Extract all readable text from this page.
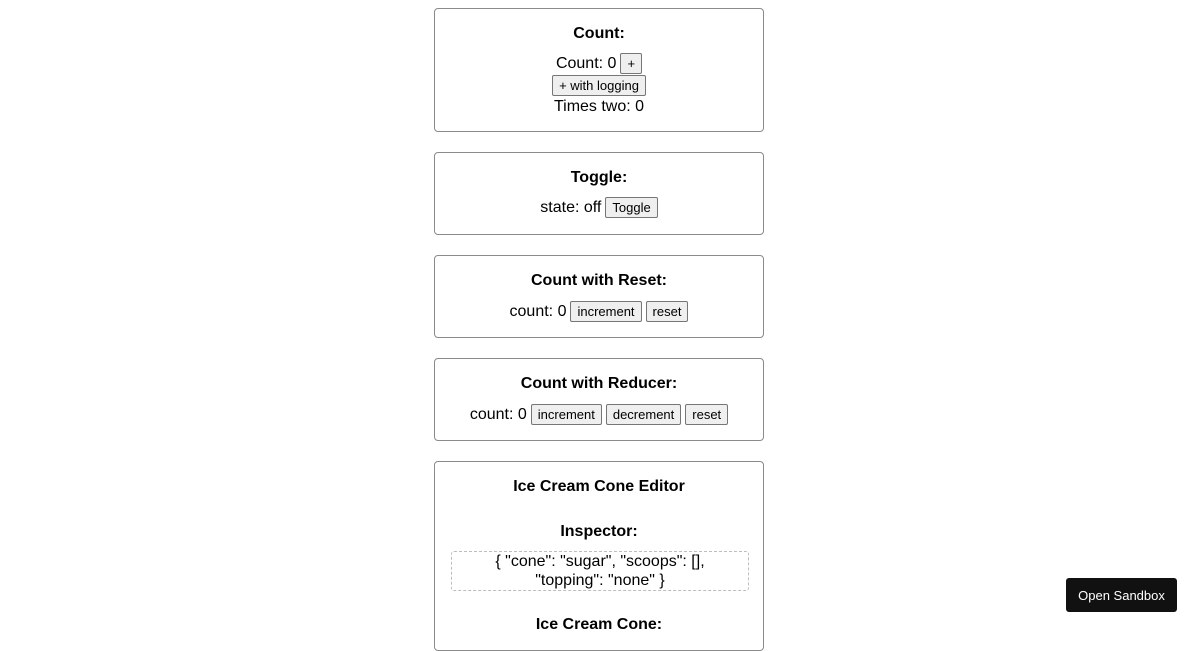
Count:
Count: 0 +
+ with logging
Times two: 0
Toggle:
state: off Toggle
Count with Reset:
count: 0 increment	reset
Count with Reducer:
count: 0 increment	decrement	reset
Ice Cream Cone Editor
Inspector:
{ "cone": "sugar", "scoops": [], "topping": "none" }
Ice Cream Cone:
Open Sandbox
